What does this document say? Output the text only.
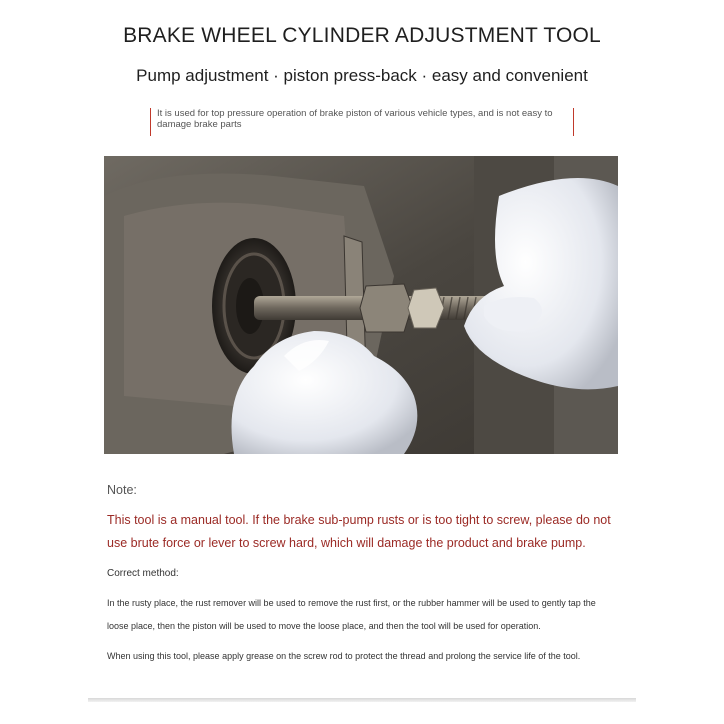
BRAKE WHEEL CYLINDER ADJUSTMENT TOOL
Pump adjustment · piston press-back · easy and convenient
It is used for top pressure operation of brake piston of various vehicle types, and is not easy to damage brake parts
Note:
This tool is a manual tool. If the brake sub-pump rusts or is too tight to screw, please do not use brute force or lever to screw hard, which will damage the product and brake pump.
Correct method:
In the rusty place, the rust remover will be used to remove the rust first, or the rubber hammer will be used to gently tap the
loose place, then the piston will be used to move the loose place, and then the tool will be used for operation.
When using this tool, please apply grease on the screw rod to protect the thread and prolong the service life of the tool.
